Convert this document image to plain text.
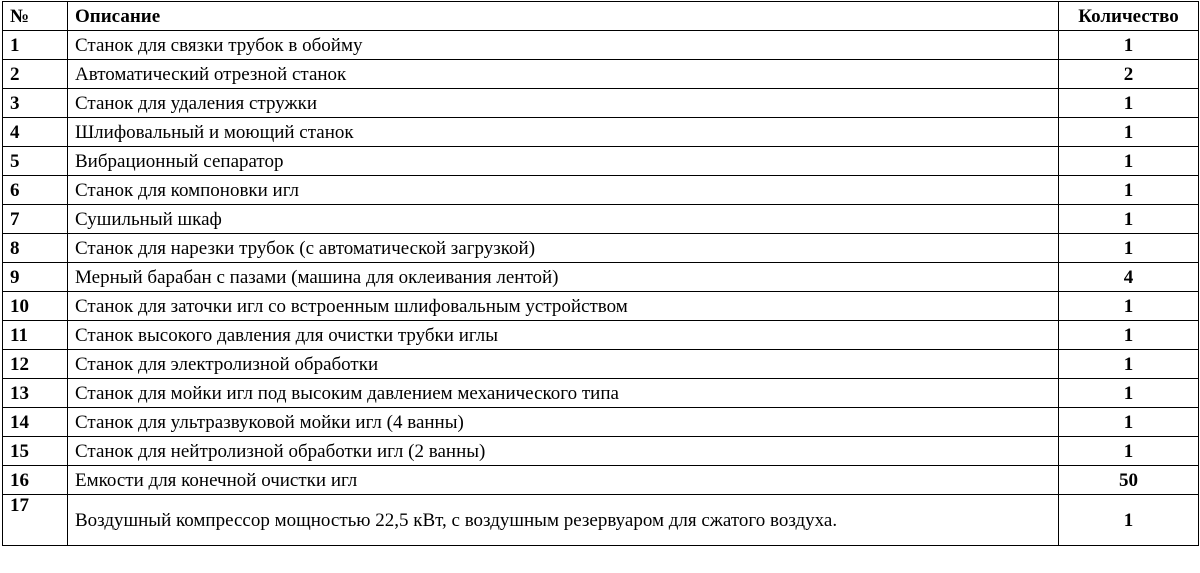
№	Описание	Количество
1	Станок для связки трубок в обойму	1
2	Автоматический отрезной станок	2
3	Станок для удаления стружки	1
4	Шлифовальный и моющий станок	1
5	Вибрационный сепаратор	1
6	Станок для компоновки игл	1
7	Сушильный шкаф	1
8	Станок для нарезки трубок (с автоматической загрузкой)	1
9	Мерный барабан с пазами (машина для оклеивания лентой)	4
10	Станок для заточки игл со встроенным шлифовальным устройством	1
11	Станок высокого давления для очистки трубки иглы	1
12	Станок для электролизной обработки	1
13	Станок для мойки игл под высоким давлением механического типа	1
14	Станок для ультразвуковой мойки игл (4 ванны)	1
15	Станок для нейтролизной обработки игл (2 ванны)	1
16	Емкости для конечной очистки игл	50
17	Воздушный компрессор мощностью 22,5 кВт, с воздушным резервуаром для сжатого воздуха.	1
